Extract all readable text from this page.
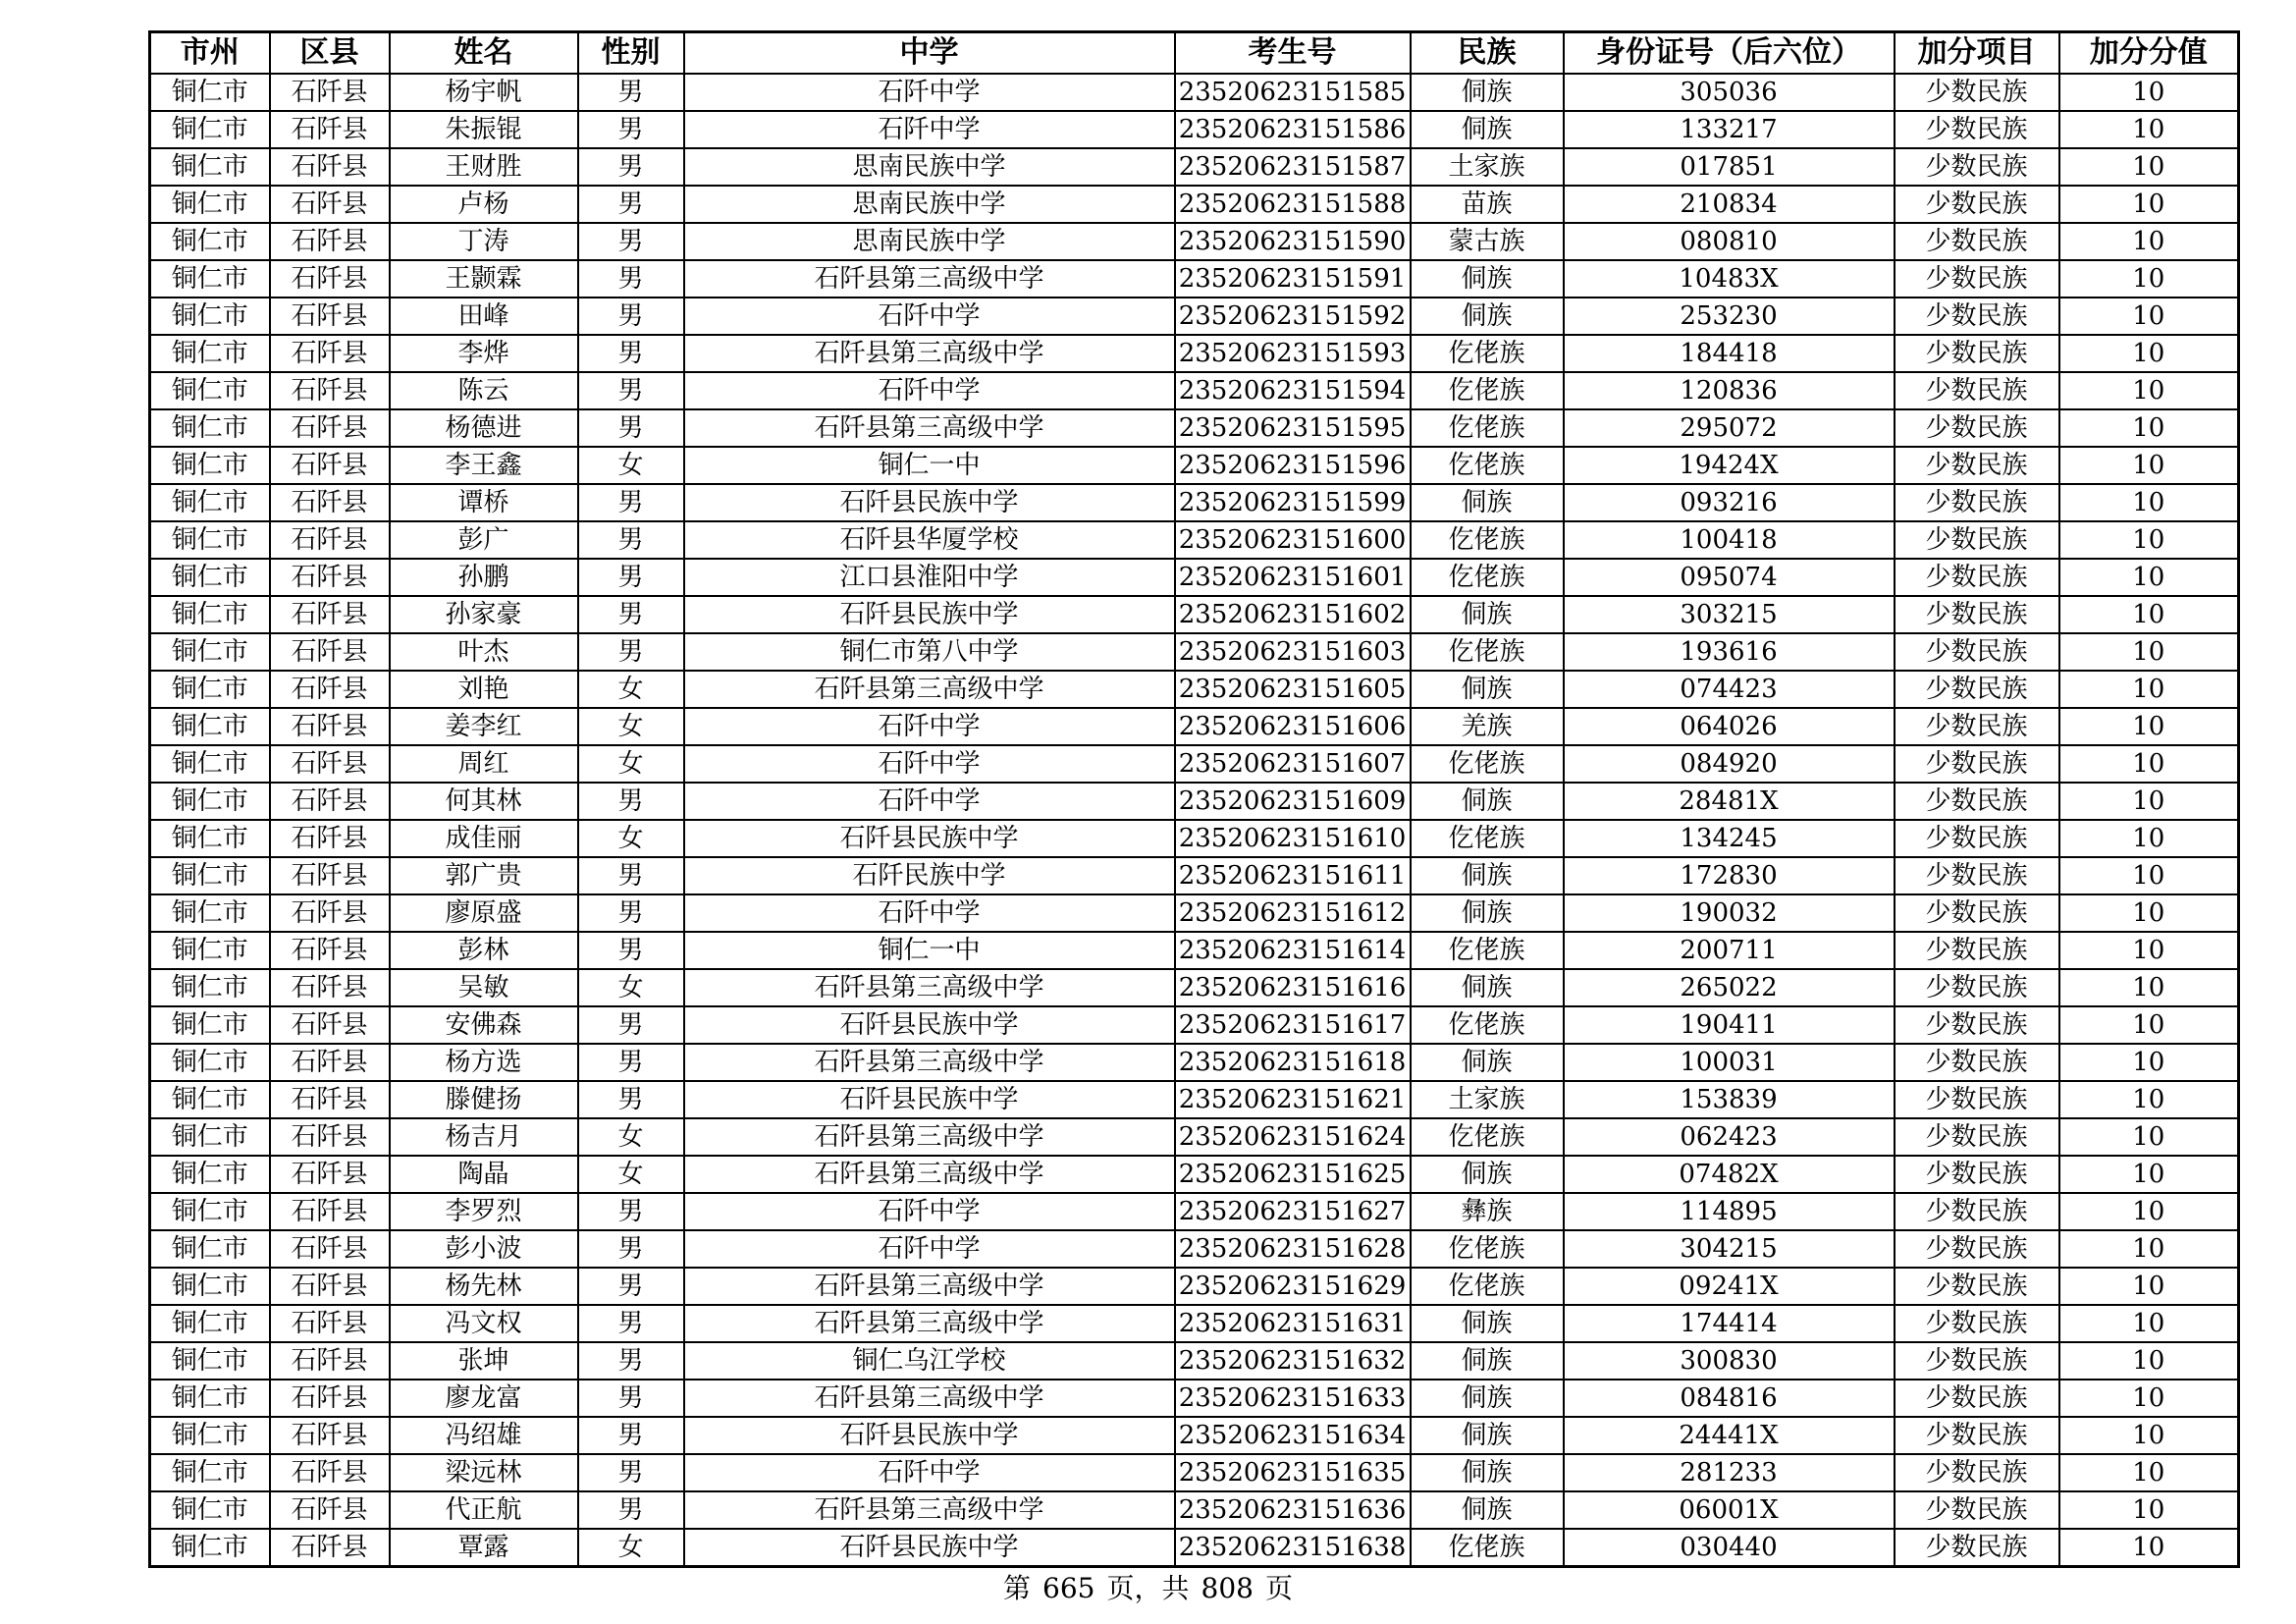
市州	区县	姓名	性别	中学	考生号	民族	身份证号（后六位）	加分项目	加分分值
铜仁市	石阡县	杨宇帆	男	石阡中学	23520623151585	侗族	305036	少数民族	10
铜仁市	石阡县	朱振锟	男	石阡中学	23520623151586	侗族	133217	少数民族	10
铜仁市	石阡县	王财胜	男	思南民族中学	23520623151587	土家族	017851	少数民族	10
铜仁市	石阡县	卢杨	男	思南民族中学	23520623151588	苗族	210834	少数民族	10
铜仁市	石阡县	丁涛	男	思南民族中学	23520623151590	蒙古族	080810	少数民族	10
铜仁市	石阡县	王颢霖	男	石阡县第三高级中学	23520623151591	侗族	10483X	少数民族	10
铜仁市	石阡县	田峰	男	石阡中学	23520623151592	侗族	253230	少数民族	10
铜仁市	石阡县	李烨	男	石阡县第三高级中学	23520623151593	仡佬族	184418	少数民族	10
铜仁市	石阡县	陈云	男	石阡中学	23520623151594	仡佬族	120836	少数民族	10
铜仁市	石阡县	杨德进	男	石阡县第三高级中学	23520623151595	仡佬族	295072	少数民族	10
铜仁市	石阡县	李王鑫	女	铜仁一中	23520623151596	仡佬族	19424X	少数民族	10
铜仁市	石阡县	谭桥	男	石阡县民族中学	23520623151599	侗族	093216	少数民族	10
铜仁市	石阡县	彭广	男	石阡县华厦学校	23520623151600	仡佬族	100418	少数民族	10
铜仁市	石阡县	孙鹏	男	江口县淮阳中学	23520623151601	仡佬族	095074	少数民族	10
铜仁市	石阡县	孙家豪	男	石阡县民族中学	23520623151602	侗族	303215	少数民族	10
铜仁市	石阡县	叶杰	男	铜仁市第八中学	23520623151603	仡佬族	193616	少数民族	10
铜仁市	石阡县	刘艳	女	石阡县第三高级中学	23520623151605	侗族	074423	少数民族	10
铜仁市	石阡县	姜李红	女	石阡中学	23520623151606	羌族	064026	少数民族	10
铜仁市	石阡县	周红	女	石阡中学	23520623151607	仡佬族	084920	少数民族	10
铜仁市	石阡县	何其林	男	石阡中学	23520623151609	侗族	28481X	少数民族	10
铜仁市	石阡县	成佳丽	女	石阡县民族中学	23520623151610	仡佬族	134245	少数民族	10
铜仁市	石阡县	郭广贵	男	石阡民族中学	23520623151611	侗族	172830	少数民族	10
铜仁市	石阡县	廖原盛	男	石阡中学	23520623151612	侗族	190032	少数民族	10
铜仁市	石阡县	彭林	男	铜仁一中	23520623151614	仡佬族	200711	少数民族	10
铜仁市	石阡县	吴敏	女	石阡县第三高级中学	23520623151616	侗族	265022	少数民族	10
铜仁市	石阡县	安佛森	男	石阡县民族中学	23520623151617	仡佬族	190411	少数民族	10
铜仁市	石阡县	杨方选	男	石阡县第三高级中学	23520623151618	侗族	100031	少数民族	10
铜仁市	石阡县	滕健扬	男	石阡县民族中学	23520623151621	土家族	153839	少数民族	10
铜仁市	石阡县	杨吉月	女	石阡县第三高级中学	23520623151624	仡佬族	062423	少数民族	10
铜仁市	石阡县	陶晶	女	石阡县第三高级中学	23520623151625	侗族	07482X	少数民族	10
铜仁市	石阡县	李罗烈	男	石阡中学	23520623151627	彝族	114895	少数民族	10
铜仁市	石阡县	彭小波	男	石阡中学	23520623151628	仡佬族	304215	少数民族	10
铜仁市	石阡县	杨先林	男	石阡县第三高级中学	23520623151629	仡佬族	09241X	少数民族	10
铜仁市	石阡县	冯文权	男	石阡县第三高级中学	23520623151631	侗族	174414	少数民族	10
铜仁市	石阡县	张坤	男	铜仁乌江学校	23520623151632	侗族	300830	少数民族	10
铜仁市	石阡县	廖龙富	男	石阡县第三高级中学	23520623151633	侗族	084816	少数民族	10
铜仁市	石阡县	冯绍雄	男	石阡县民族中学	23520623151634	侗族	24441X	少数民族	10
铜仁市	石阡县	梁远林	男	石阡中学	23520623151635	侗族	281233	少数民族	10
铜仁市	石阡县	代正航	男	石阡县第三高级中学	23520623151636	侗族	06001X	少数民族	10
铜仁市	石阡县	覃露	女	石阡县民族中学	23520623151638	仡佬族	030440	少数民族	10
第 665 页，共 808 页
